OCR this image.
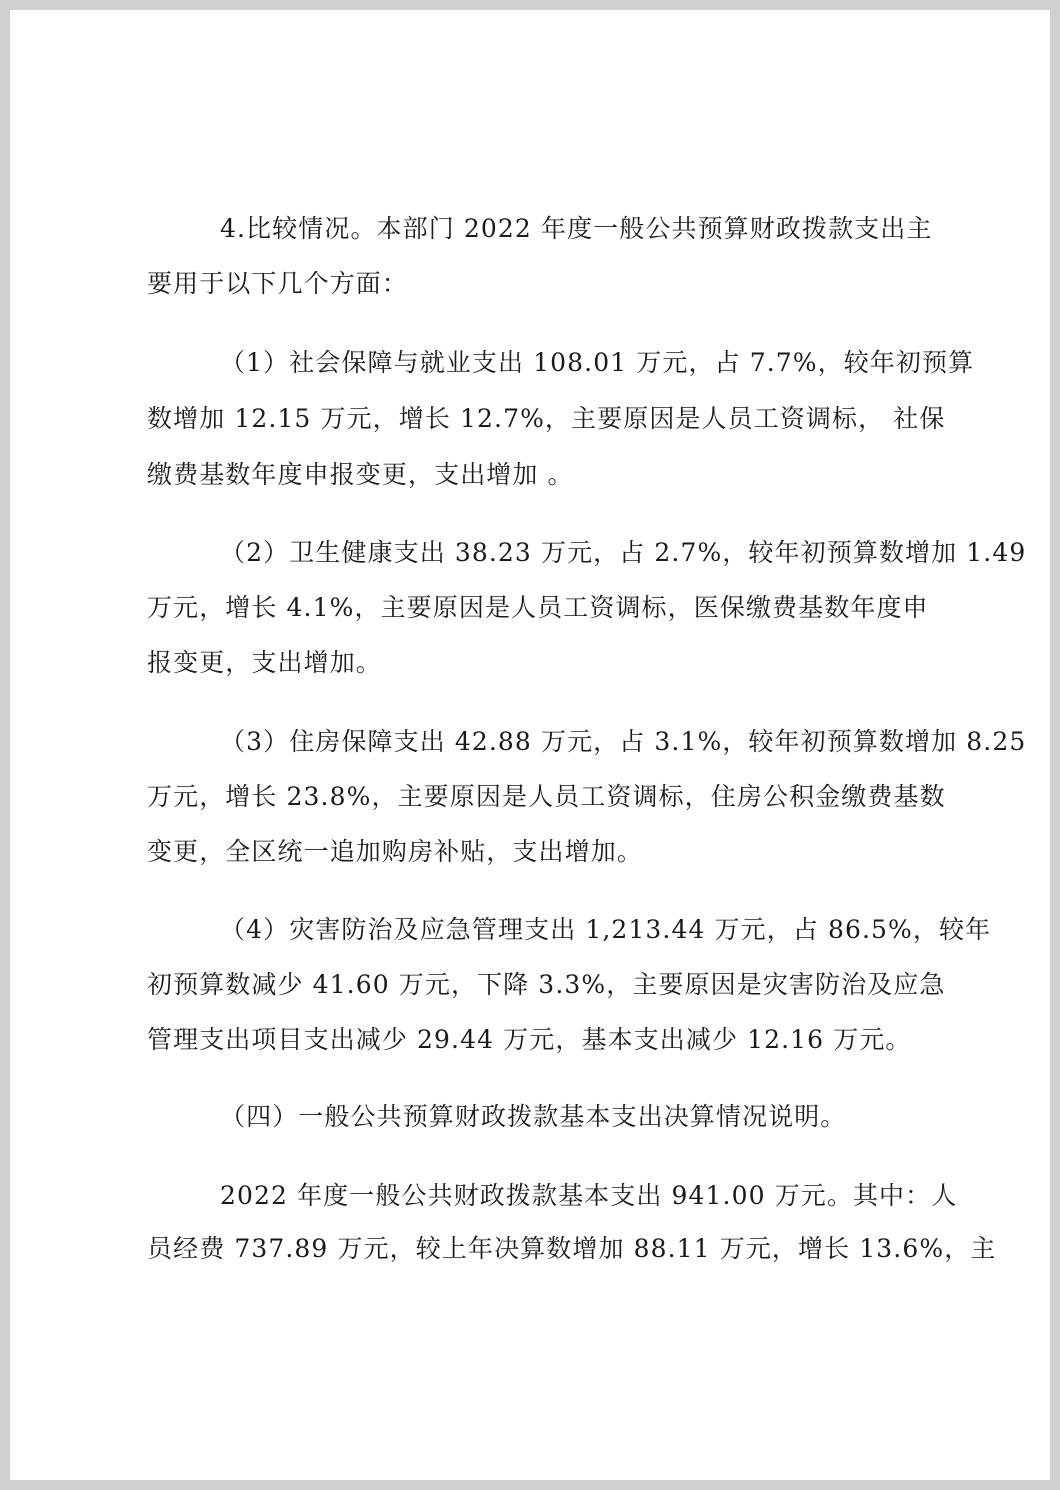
4.比较情况。本部门 2022 年度一般公共预算财政拨款支出主

要用于以下几个方面：

（1）社会保障与就业支出 108.01 万元，占 7.7%，较年初预算

数增加 12.15 万元，增长 12.7%，主要原因是人员工资调标， 社保

缴费基数年度申报变更，支出增加 。

（2）卫生健康支出 38.23 万元，占 2.7%，较年初预算数增加 1.49

万元，增长 4.1%，主要原因是人员工资调标，医保缴费基数年度申

报变更，支出增加。

（3）住房保障支出 42.88 万元，占 3.1%，较年初预算数增加 8.25

万元，增长 23.8%，主要原因是人员工资调标，住房公积金缴费基数

变更，全区统一追加购房补贴，支出增加。

（4）灾害防治及应急管理支出 1,213.44 万元，占 86.5%，较年

初预算数减少 41.60 万元，下降 3.3%，主要原因是灾害防治及应急

管理支出项目支出减少 29.44 万元，基本支出减少 12.16 万元。

（四）一般公共预算财政拨款基本支出决算情况说明。

2022 年度一般公共财政拨款基本支出 941.00 万元。其中：人

员经费 737.89 万元，较上年决算数增加 88.11 万元，增长 13.6%，主
